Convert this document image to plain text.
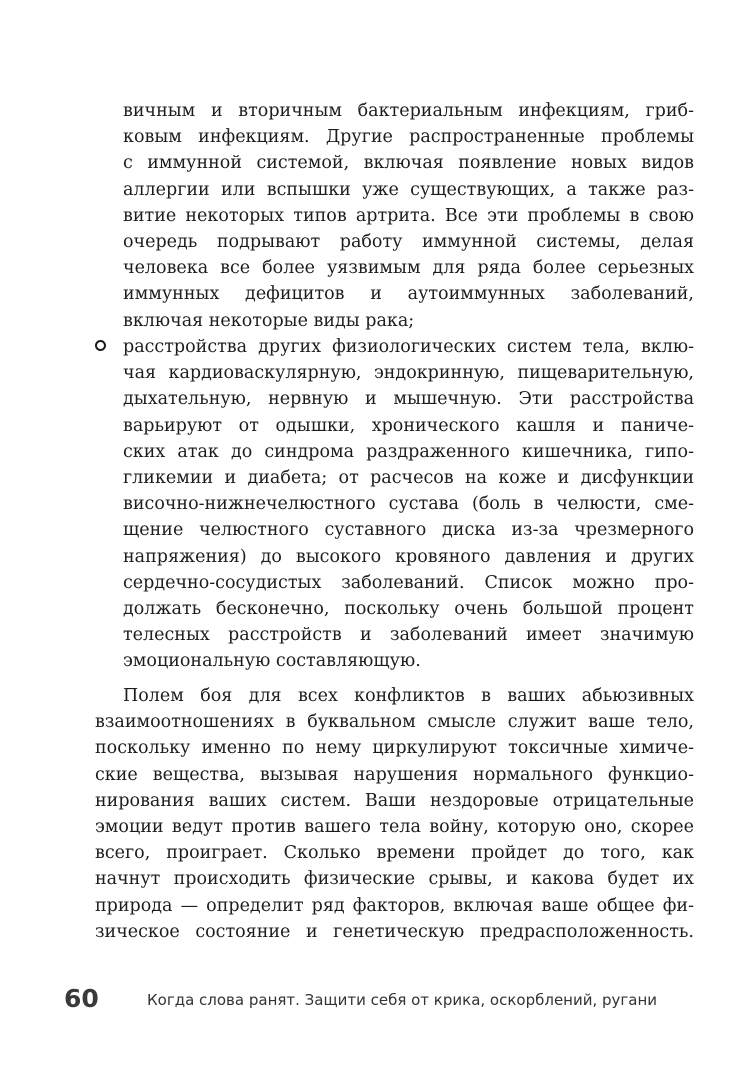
вичным и вторичным бактериальным инфекциям, гриб-
ковым инфекциям. Другие распространенные проблемы
с иммунной системой, включая появление новых видов
аллергии или вспышки уже существующих, а также раз-
витие некоторых типов артрита. Все эти проблемы в свою
очередь подрывают работу иммунной системы, делая
человека все более уязвимым для ряда более серьезных
иммунных дефицитов и аутоиммунных заболеваний,
включая некоторые виды рака;
расстройства других физиологических систем тела, вклю-
чая кардиоваскулярную, эндокринную, пищеварительную,
дыхательную, нервную и мышечную. Эти расстройства
варьируют от одышки, хронического кашля и паниче-
ских атак до синдрома раздраженного кишечника, гипо-
гликемии и диабета; от расчесов на коже и дисфункции
височно-нижнечелюстного сустава (боль в челюсти, сме-
щение челюстного суставного диска из-за чрезмерного
напряжения) до высокого кровяного давления и других
сердечно-сосудистых заболеваний. Список можно про-
должать бесконечно, поскольку очень большой процент
телесных расстройств и заболеваний имеет значимую
эмоциональную составляющую.
Полем боя для всех конфликтов в ваших абьюзивных
взаимоотношениях в буквальном смысле служит ваше тело,
поскольку именно по нему циркулируют токсичные химиче-
ские вещества, вызывая нарушения нормального функцио-
нирования ваших систем. Ваши нездоровые отрицательные
эмоции ведут против вашего тела войну, которую оно, скорее
всего, проиграет. Сколько времени пройдет до того, как
начнут происходить физические срывы, и какова будет их
природа — определит ряд факторов, включая ваше общее фи-
зическое состояние и генетическую предрасположенность.
60	Когда слова ранят. Защити себя от крика, оскорблений, ругани
